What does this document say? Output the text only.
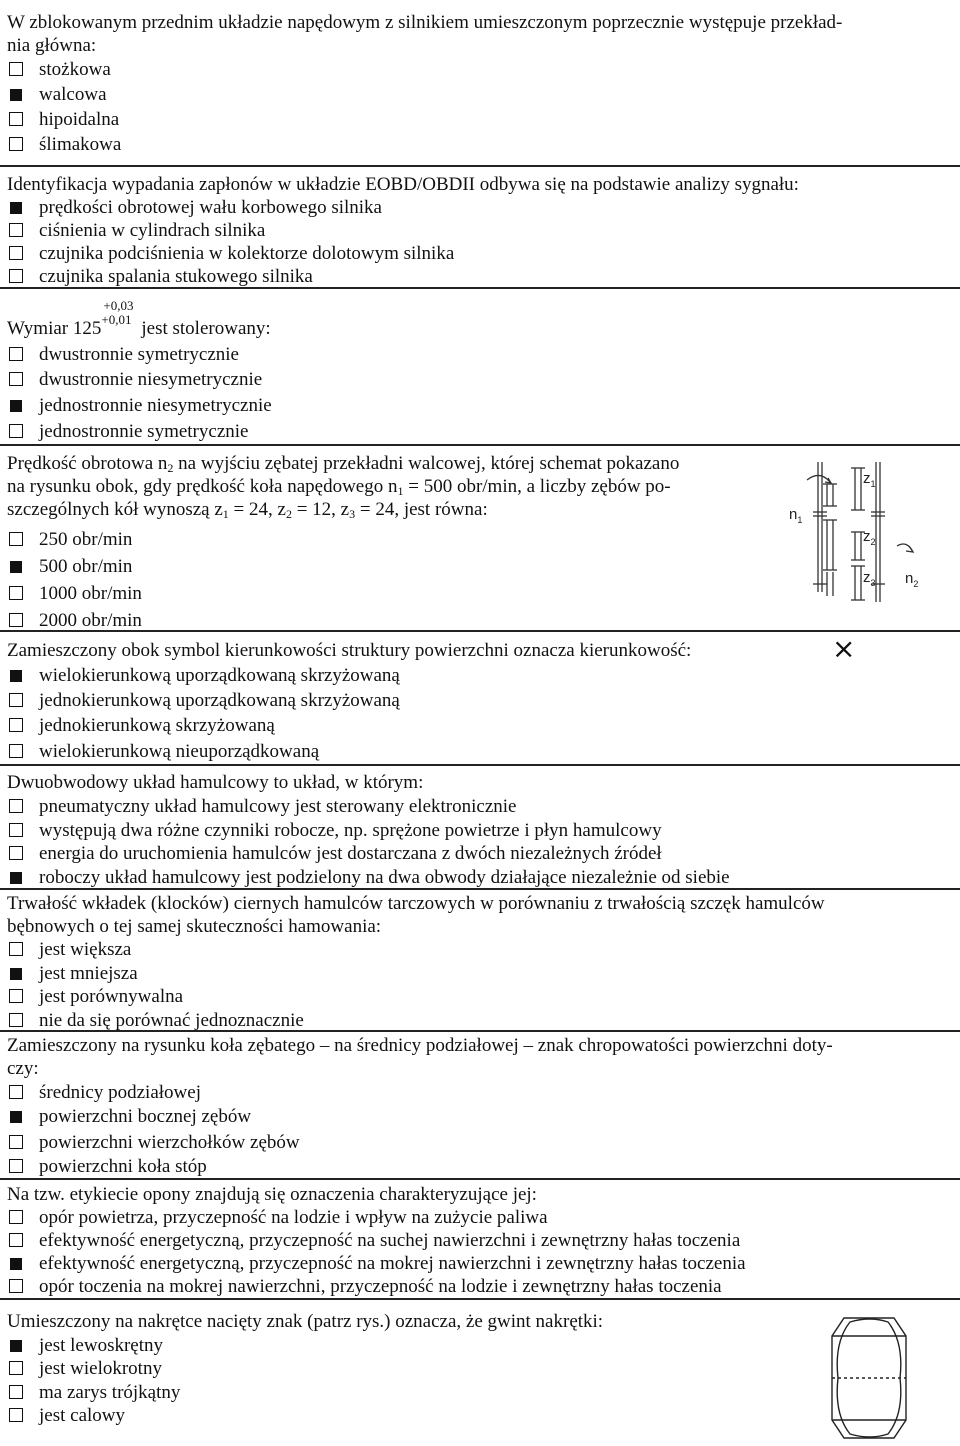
W zblokowanym przednim układzie napędowym z silnikiem umieszczonym poprzecznie występuje przekład-
nia główna:
stożkowa
walcowa
hipoidalna
ślimakowa
Identyfikacja wypadania zapłonów w układzie EOBD/OBDII odbywa się na podstawie analizy sygnału:
prędkości obrotowej wału korbowego silnika
ciśnienia w cylindrach silnika
czujnika podciśnienia w kolektorze dolotowym silnika
czujnika spalania stukowego silnika
Wymiar 125
+0,03
+0,01 jest stolerowany:
dwustronnie symetrycznie
dwustronnie niesymetrycznie
jednostronnie niesymetrycznie
jednostronnie symetrycznie
Prędkość obrotowa $n_2$ na wyjściu zębatej przekładni walcowej, której schemat pokazano
na rysunku obok, gdy prędkość koła napędowego $n_1 = 500$ obr/min, a liczby zębów po-
szczególnych kół wynoszą $z_1 = 24$, $z_2 = 12$, $z_3 = 24$, jest równa:
250 obr/min
500 obr/min
1000 obr/min
2000 obr/min
$z_1$
$z_2$
$z_3$
$n_1$
$n_2$
Zamieszczony obok symbol kierunkowości struktury powierzchni oznacza kierunkowość:	×
wielokierunkową uporządkowaną skrzyżowaną
jednokierunkową uporządkowaną skrzyżowaną
jednokierunkową skrzyżowaną
wielokierunkową nieuporządkowaną
Dwuobwodowy układ hamulcowy to układ, w którym:
pneumatyczny układ hamulcowy jest sterowany elektronicznie
występują dwa różne czynniki robocze, np. sprężone powietrze i płyn hamulcowy
energia do uruchomienia hamulców jest dostarczana z dwóch niezależnych źródeł
roboczy układ hamulcowy jest podzielony na dwa obwody działające niezależnie od siebie
Trwałość wkładek (klocków) ciernych hamulców tarczowych w porównaniu z trwałością szczęk hamulców
bębnowych o tej samej skuteczności hamowania:
jest większa
jest mniejsza
jest porównywalna
nie da się porównać jednoznacznie
Zamieszczony na rysunku koła zębatego – na średnicy podziałowej – znak chropowatości powierzchni doty-
czy:
średnicy podziałowej
powierzchni bocznej zębów
powierzchni wierzchołków zębów
powierzchni koła stóp
Na tzw. etykiecie opony znajdują się oznaczenia charakteryzujące jej:
opór powietrza, przyczepność na lodzie i wpływ na zużycie paliwa
efektywność energetyczną, przyczepność na suchej nawierzchni i zewnętrzny hałas toczenia
efektywność energetyczną, przyczepność na mokrej nawierzchni i zewnętrzny hałas toczenia
opór toczenia na mokrej nawierzchni, przyczepność na lodzie i zewnętrzny hałas toczenia
Umieszczony na nakrętce nacięty znak (patrz rys.) oznacza, że gwint nakrętki:
jest lewoskrętny
jest wielokrotny
ma zarys trójkątny
jest calowy
